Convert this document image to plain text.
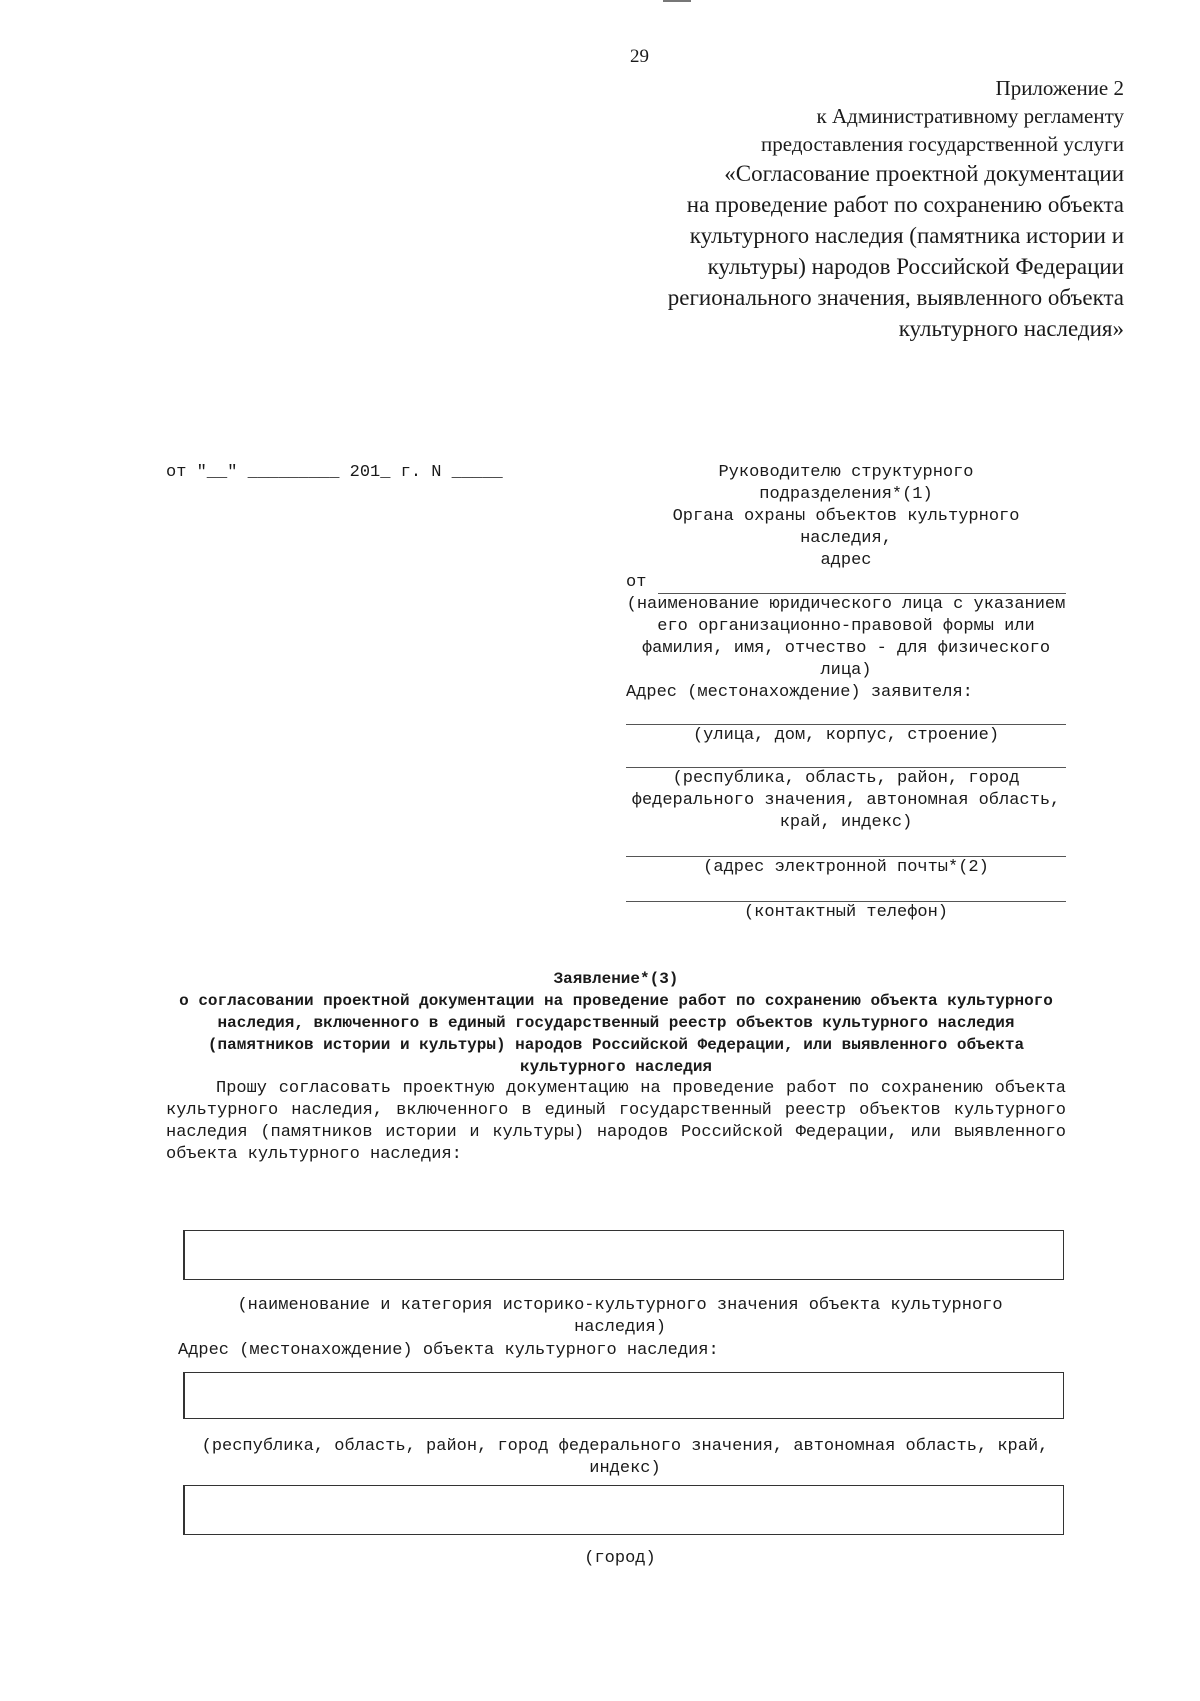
29
Приложение 2
к Административному регламенту
предоставления государственной услуги
«Согласование проектной документации
на проведение работ по сохранению объекта
культурного наследия (памятника истории и
культуры) народов Российской Федерации
регионального значения, выявленного объекта
культурного наследия»
от "__" _________ 201_ г. N _____	Руководителю структурного
подразделения*(1)
Органа охраны объектов культурного
наследия,
адрес
от
(наименование юридического лица с указанием его организационно-правовой формы или фамилия, имя, отчество - для физического лица)
Адрес (местонахождение) заявителя:
(улица, дом, корпус, строение)
(республика, область, район, город федерального значения, автономная область, край, индекс)
(адрес электронной почты*(2)
(контактный телефон)
Заявление*(3)
о согласовании проектной документации на проведение работ по сохранению объекта культурного наследия, включенного в единый государственный реестр объектов культурного наследия (памятников истории и культуры) народов Российской Федерации, или выявленного объекта культурного наследия
Прошу согласовать проектную документацию на проведение работ по сохранению объекта культурного наследия, включенного в единый государственный реестр объектов культурного наследия (памятников истории и культуры) народов Российской Федерации, или выявленного объекта культурного наследия:
(наименование и категория историко-культурного значения объекта культурного наследия)
Адрес (местонахождение) объекта культурного наследия:
(республика, область, район, город федерального значения, автономная область, край, индекс)
(город)
